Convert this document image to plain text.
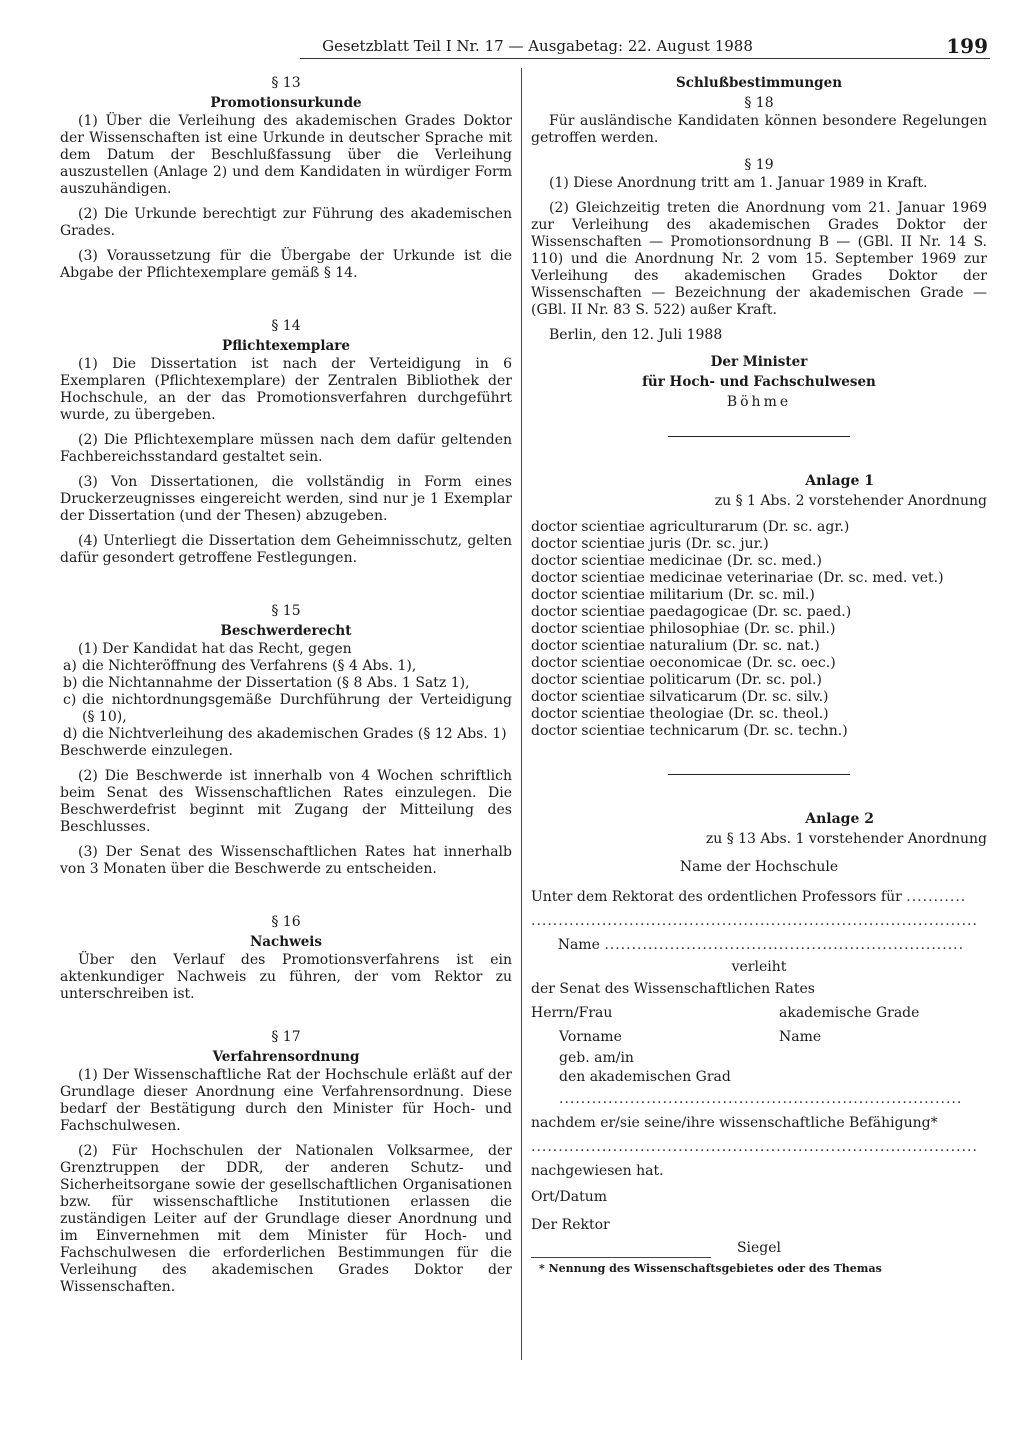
Gesetzblatt Teil I Nr. 17 — Ausgabetag: 22. August 1988	199
§ 13
Promotionsurkunde

(1) Über die Verleihung des akademischen Grades Doktor der Wissenschaften ist eine Urkunde in deutscher Sprache mit dem Datum der Beschlußfassung über die Verleihung auszustellen (Anlage 2) und dem Kandidaten in würdiger Form auszuhändigen.

(2) Die Urkunde berechtigt zur Führung des akademischen Grades.

(3) Voraussetzung für die Übergabe der Urkunde ist die Abgabe der Pflichtexemplare gemäß § 14.

§ 14
Pflichtexemplare

(1) Die Dissertation ist nach der Verteidigung in 6 Exemplaren (Pflichtexemplare) der Zentralen Bibliothek der Hochschule, an der das Promotionsverfahren durchgeführt wurde, zu übergeben.

(2) Die Pflichtexemplare müssen nach dem dafür geltenden Fachbereichsstandard gestaltet sein.

(3) Von Dissertationen, die vollständig in Form eines Druckerzeugnisses eingereicht werden, sind nur je 1 Exemplar der Dissertation (und der Thesen) abzugeben.

(4) Unterliegt die Dissertation dem Geheimnisschutz, gelten dafür gesondert getroffene Festlegungen.

§ 15
Beschwerderecht

(1) Der Kandidat hat das Recht, gegen

a) die Nichteröffnung des Verfahrens (§ 4 Abs. 1),
b) die Nichtannahme der Dissertation (§ 8 Abs. 1 Satz 1),
c) die nichtordnungsgemäße Durchführung der Verteidigung (§ 10),
d) die Nichtverleihung des akademischen Grades (§ 12 Abs. 1)

Beschwerde einzulegen.

(2) Die Beschwerde ist innerhalb von 4 Wochen schriftlich beim Senat des Wissenschaftlichen Rates einzulegen. Die Beschwerdefrist beginnt mit Zugang der Mitteilung des Beschlusses.

(3) Der Senat des Wissenschaftlichen Rates hat innerhalb von 3 Monaten über die Beschwerde zu entscheiden.

§ 16
Nachweis

Über den Verlauf des Promotionsverfahrens ist ein aktenkundiger Nachweis zu führen, der vom Rektor zu unterschreiben ist.

§ 17
Verfahrensordnung

(1) Der Wissenschaftliche Rat der Hochschule erläßt auf der Grundlage dieser Anordnung eine Verfahrensordnung. Diese bedarf der Bestätigung durch den Minister für Hoch- und Fachschulwesen.

(2) Für Hochschulen der Nationalen Volksarmee, der Grenztruppen der DDR, der anderen Schutz- und Sicherheitsorgane sowie der gesellschaftlichen Organisationen bzw. für wissenschaftliche Institutionen erlassen die zuständigen Leiter auf der Grundlage dieser Anordnung und im Einvernehmen mit dem Minister für Hoch- und Fachschulwesen die erforderlichen Bestimmungen für die Verleihung des akademischen Grades Doktor der Wissenschaften.

Schlußbestimmungen
§ 18

Für ausländische Kandidaten können besondere Regelungen getroffen werden.

§ 19

(1) Diese Anordnung tritt am 1. Januar 1989 in Kraft.

(2) Gleichzeitig treten die Anordnung vom 21. Januar 1969 zur Verleihung des akademischen Grades Doktor der Wissenschaften — Promotionsordnung B — (GBl. II Nr. 14 S. 110) und die Anordnung Nr. 2 vom 15. September 1969 zur Verleihung des akademischen Grades Doktor der Wissenschaften — Bezeichnung der akademischen Grade — (GBl. II Nr. 83 S. 522) außer Kraft.

Berlin, den 12. Juli 1988

Der Minister
für Hoch- und Fachschulwesen
Böhme
Anlage 1
zu § 1 Abs. 2 vorstehender Anordnung
doctor scientiae agriculturarum (Dr. sc. agr.)
doctor scientiae juris (Dr. sc. jur.)
doctor scientiae medicinae (Dr. sc. med.)
doctor scientiae medicinae veterinariae (Dr. sc. med. vet.)
doctor scientiae militarium (Dr. sc. mil.)
doctor scientiae paedagogicae (Dr. sc. paed.)
doctor scientiae philosophiae (Dr. sc. phil.)
doctor scientiae naturalium (Dr. sc. nat.)
doctor scientiae oeconomicae (Dr. sc. oec.)
doctor scientiae politicarum (Dr. sc. pol.)
doctor scientiae silvaticarum (Dr. sc. silv.)
doctor scientiae theologiae (Dr. sc. theol.)
doctor scientiae technicarum (Dr. sc. techn.)
Anlage 2
zu § 13 Abs. 1 vorstehender Anordnung
Name der Hochschule
Unter dem Rektorat des ordentlichen Professors für ...........
..................................................................................
Name ..................................................................
verleiht
der Senat des Wissenschaftlichen Rates
Herrn/Frau	akademische Grade
Vorname	Name
geb. am/in
den akademischen Grad
..........................................................................
nachdem er/sie seine/ihre wissenschaftliche Befähigung*
..................................................................................
nachgewiesen hat.
Ort/Datum
Der Rektor
Siegel
* Nennung des Wissenschaftsgebietes oder des Themas
